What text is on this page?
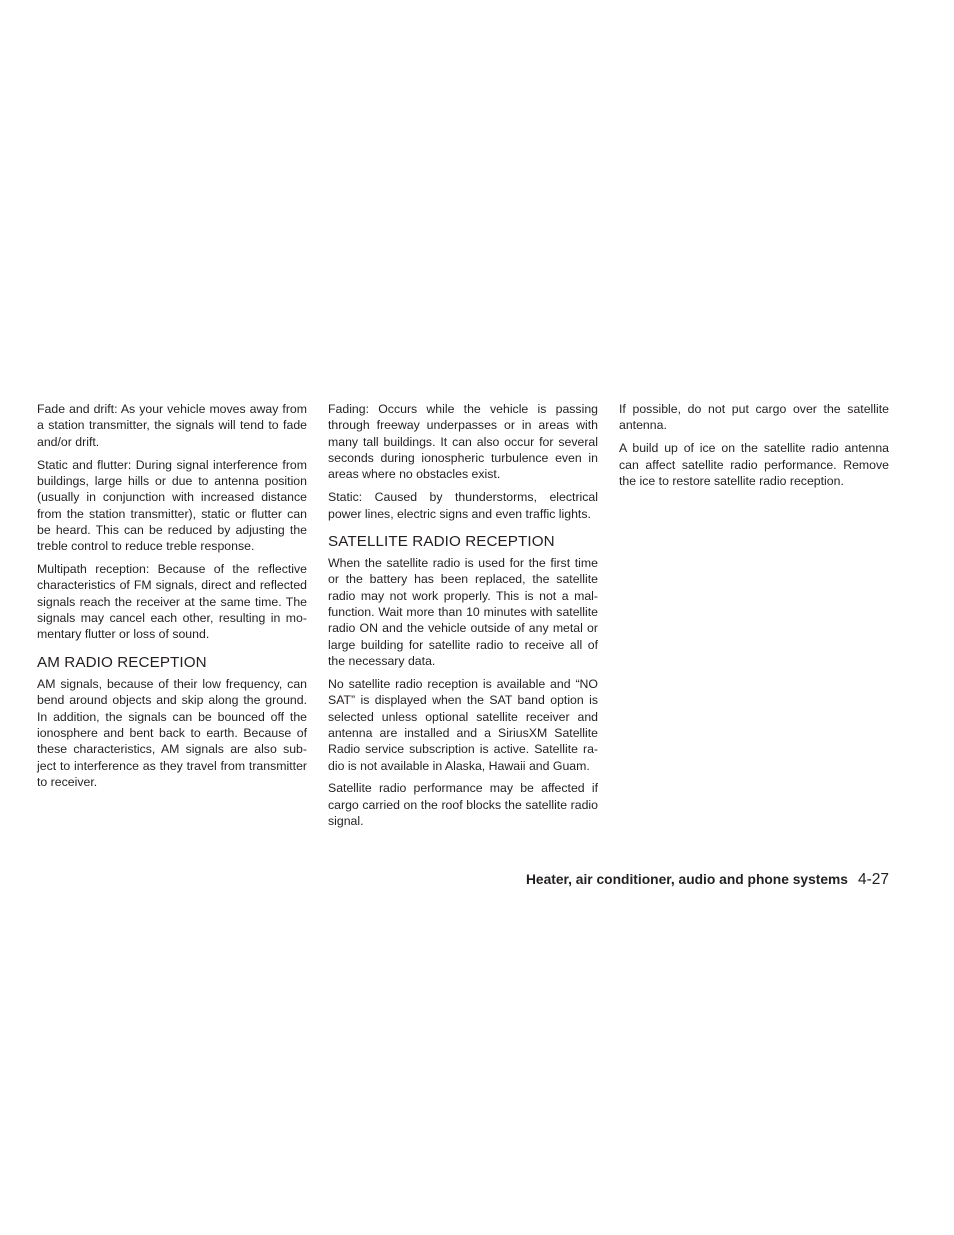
Fade and drift: As your vehicle moves away from a station transmitter, the signals will tend to fade and/or drift.

Static and flutter: During signal interference from buildings, large hills or due to antenna position (usually in conjunction with increased distance from the station transmitter), static or flutter can be heard. This can be reduced by adjusting the treble control to reduce treble response.

Multipath reception: Because of the reflective characteristics of FM signals, direct and reflected signals reach the receiver at the same time. The signals may cancel each other, resulting in mo- mentary flutter or loss of sound.

AM RADIO RECEPTION

AM signals, because of their low frequency, can bend around objects and skip along the ground. In addition, the signals can be bounced off the ionosphere and bent back to earth. Because of these characteristics, AM signals are also sub- ject to interference as they travel from transmitter to receiver.

Fading: Occurs while the vehicle is passing through freeway underpasses or in areas with many tall buildings. It can also occur for several seconds during ionospheric turbulence even in areas where no obstacles exist.

Static: Caused by thunderstorms, electrical power lines, electric signs and even traffic lights.

SATELLITE RADIO RECEPTION

When the satellite radio is used for the first time or the battery has been replaced, the satellite radio may not work properly. This is not a mal- function. Wait more than 10 minutes with satellite radio ON and the vehicle outside of any metal or large building for satellite radio to receive all of the necessary data.

No satellite radio reception is available and “NO SAT” is displayed when the SAT band option is selected unless optional satellite receiver and antenna are installed and a SiriusXM Satellite Radio service subscription is active. Satellite ra- dio is not available in Alaska, Hawaii and Guam.

Satellite radio performance may be affected if cargo carried on the roof blocks the satellite radio signal.

If possible, do not put cargo over the satellite antenna.

A build up of ice on the satellite radio antenna can affect satellite radio performance. Remove the ice to restore satellite radio reception.

Heater, air conditioner, audio and phone systems 4-27
